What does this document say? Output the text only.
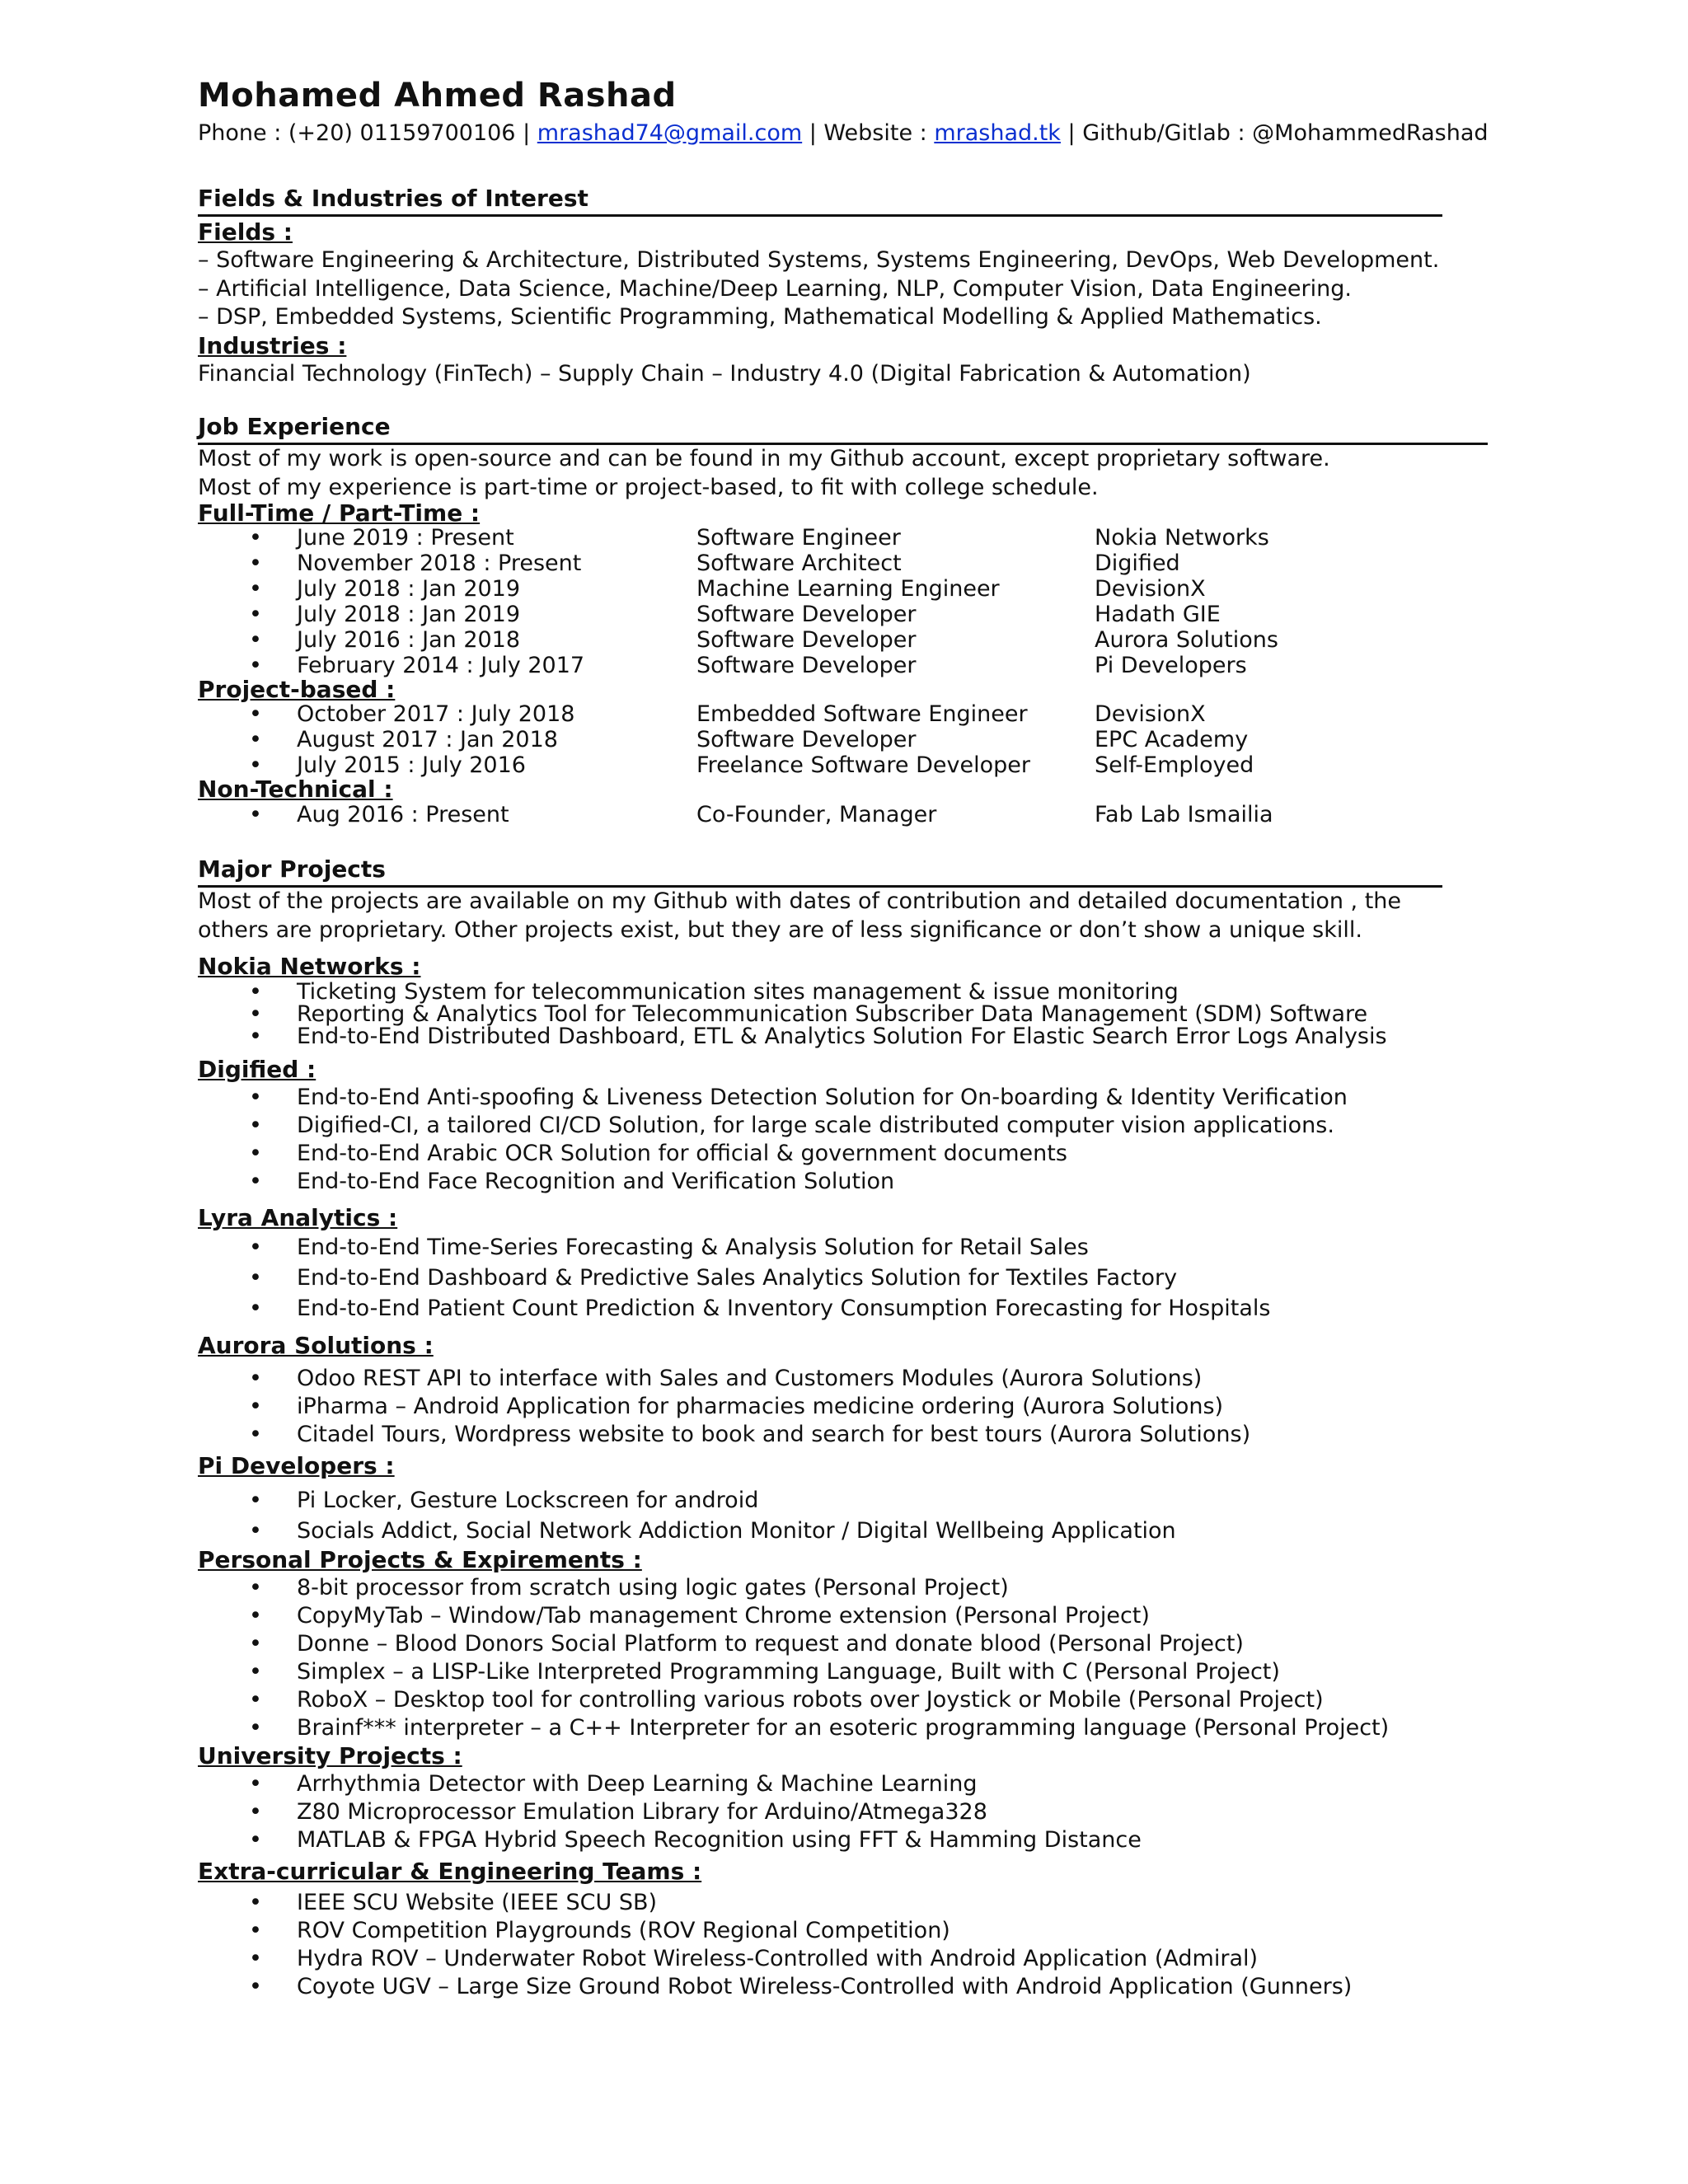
Mohamed Ahmed Rashad
Phone : (+20) 01159700106 | mrashad74@gmail.com | Website : mrashad.tk | Github/Gitlab : @MohammedRashad
Fields & Industries of Interest
Fields :
– Software Engineering & Architecture, Distributed Systems, Systems Engineering, DevOps, Web Development.
– Artificial Intelligence, Data Science, Machine/Deep Learning, NLP, Computer Vision, Data Engineering.
– DSP, Embedded Systems, Scientific Programming, Mathematical Modelling & Applied Mathematics.
Industries :
Financial Technology (FinTech) – Supply Chain – Industry 4.0 (Digital Fabrication & Automation)
Job Experience
Most of my work is open-source and can be found in my Github account, except proprietary software.
Most of my experience is part-time or project-based, to fit with college schedule.
Full-Time / Part-Time :
• June 2019 : Present	Software Engineer	Nokia Networks
• November 2018 : Present	Software Architect	Digified
• July 2018 : Jan 2019	Machine Learning Engineer	DevisionX
• July 2018 : Jan 2019	Software Developer	Hadath GIE
• July 2016 : Jan 2018	Software Developer	Aurora Solutions
• February 2014 : July 2017	Software Developer	Pi Developers
Project-based :
• October 2017 : July 2018	Embedded Software Engineer	DevisionX
• August 2017 : Jan 2018	Software Developer	EPC Academy
• July 2015 : July 2016	Freelance Software Developer	Self-Employed
Non-Technical :
• Aug 2016 : Present	Co-Founder, Manager	Fab Lab Ismailia
Major Projects
Most of the projects are available on my Github with dates of contribution and detailed documentation , the
others are proprietary. Other projects exist, but they are of less significance or don’t show a unique skill.
Nokia Networks :
• Ticketing System for telecommunication sites management & issue monitoring
• Reporting & Analytics Tool for Telecommunication Subscriber Data Management (SDM) Software
• End-to-End Distributed Dashboard, ETL & Analytics Solution For Elastic Search Error Logs Analysis
Digified :
• End-to-End Anti-spoofing & Liveness Detection Solution for On-boarding & Identity Verification
• Digified-CI, a tailored CI/CD Solution, for large scale distributed computer vision applications.
• End-to-End Arabic OCR Solution for official & government documents
• End-to-End Face Recognition and Verification Solution
Lyra Analytics :
• End-to-End Time-Series Forecasting & Analysis Solution for Retail Sales
• End-to-End Dashboard & Predictive Sales Analytics Solution for Textiles Factory
• End-to-End Patient Count Prediction & Inventory Consumption Forecasting for Hospitals
Aurora Solutions :
• Odoo REST API to interface with Sales and Customers Modules (Aurora Solutions)
• iPharma – Android Application for pharmacies medicine ordering (Aurora Solutions)
• Citadel Tours, Wordpress website to book and search for best tours (Aurora Solutions)
Pi Developers :
• Pi Locker, Gesture Lockscreen for android
• Socials Addict, Social Network Addiction Monitor / Digital Wellbeing Application
Personal Projects & Expirements :
• 8-bit processor from scratch using logic gates (Personal Project)
• CopyMyTab – Window/Tab management Chrome extension (Personal Project)
• Donne – Blood Donors Social Platform to request and donate blood (Personal Project)
• Simplex – a LISP-Like Interpreted Programming Language, Built with C (Personal Project)
• RoboX – Desktop tool for controlling various robots over Joystick or Mobile (Personal Project)
• Brainf*** interpreter – a C++ Interpreter for an esoteric programming language (Personal Project)
University Projects :
• Arrhythmia Detector with Deep Learning & Machine Learning
• Z80 Microprocessor Emulation Library for Arduino/Atmega328
• MATLAB & FPGA Hybrid Speech Recognition using FFT & Hamming Distance
Extra-curricular & Engineering Teams :
• IEEE SCU Website (IEEE SCU SB)
• ROV Competition Playgrounds (ROV Regional Competition)
• Hydra ROV – Underwater Robot Wireless-Controlled with Android Application (Admiral)
• Coyote UGV – Large Size Ground Robot Wireless-Controlled with Android Application (Gunners)
